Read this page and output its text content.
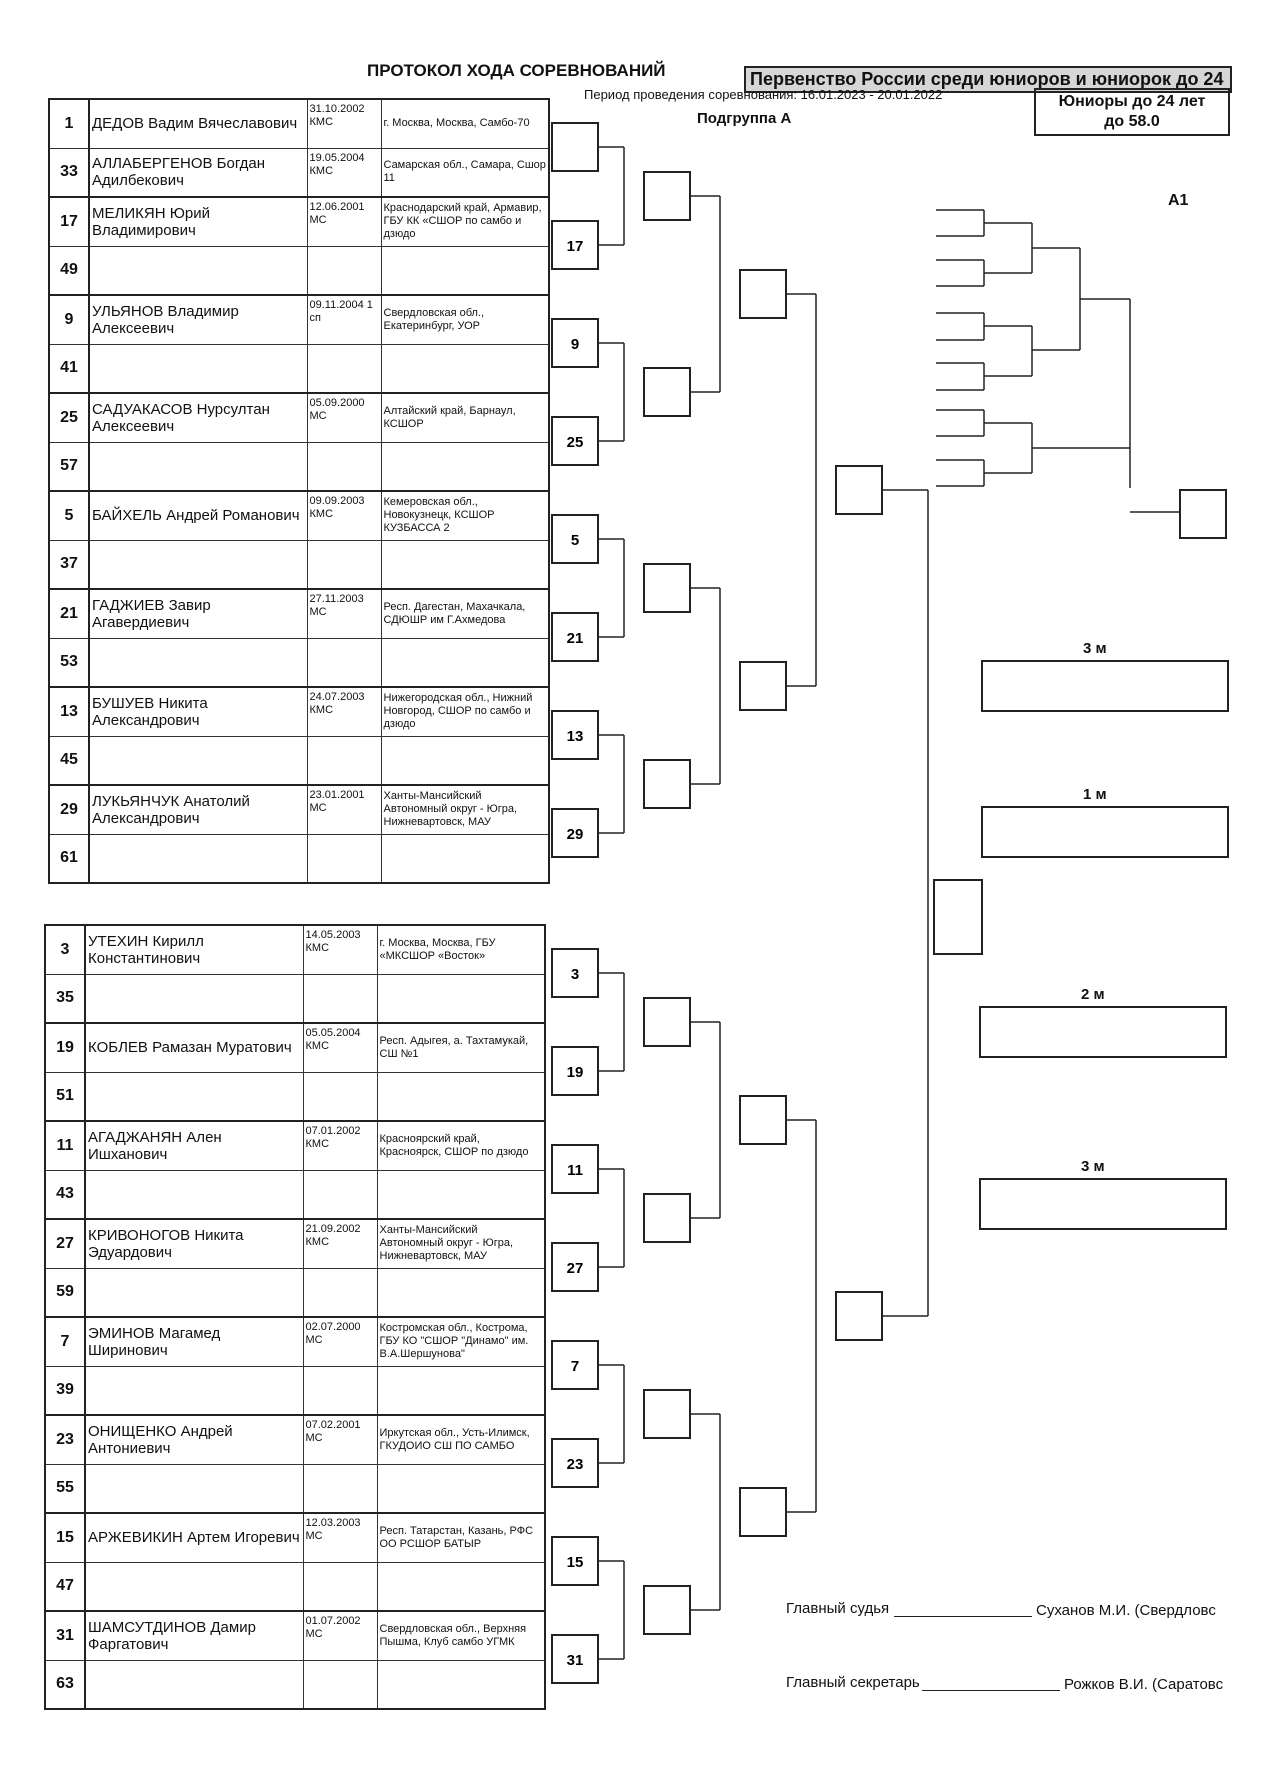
ПРОТОКОЛ ХОДА СОРЕВНОВАНИЙ	Первенство России среди юниоров и юниорок до 24
Период проведения соревнования: 16.01.2023 - 20.01.2022
Подгруппа А
Юниоры до 24 лет
до 58.0
1	ДЕДОВ Вадим Вячеславович	31.10.2002 КМС	г. Москва, Москва, Самбо-70
33	АЛЛАБЕРГЕНОВ Богдан Адилбекович	19.05.2004 КМС	Самарская обл., Самара, Сшор 11
17	МЕЛИКЯН Юрий Владимирович	12.06.2001 МС	Краснодарский край, Армавир, ГБУ КК «СШОР по самбо и дзюдо
49			
9	УЛЬЯНОВ Владимир Алексеевич	09.11.2004 1 сп	Свердловская обл., Екатеринбург, УОР
41			
25	САДУАКАСОВ Нурсултан Алексеевич	05.09.2000 МС	Алтайский край, Барнаул, КСШОР
57			
5	БАЙХЕЛЬ Андрей Романович	09.09.2003 КМС	Кемеровская обл., Новокузнецк, КСШОР КУЗБАССА 2
37			
21	ГАДЖИЕВ Завир Агавердиевич	27.11.2003 МС	Респ. Дагестан, Махачкала, СДЮШР им Г.Ахмедова
53			
13	БУШУЕВ Никита Александрович	24.07.2003 КМС	Нижегородская обл., Нижний Новгород, СШОР по самбо и дзюдо
45			
29	ЛУКЬЯНЧУК Анатолий Александрович	23.01.2001 МС	Ханты-Мансийский Автономный округ - Югра, Нижневартовск, МАУ
61			
3	УТЕХИН Кирилл Константинович	14.05.2003 КМС	г. Москва, Москва, ГБУ «МКСШОР «Восток»
35			
19	КОБЛЕВ Рамазан Муратович	05.05.2004 КМС	Респ. Адыгея, а. Тахтамукай, СШ №1
51			
11	АГАДЖАНЯН Ален Ишханович	07.01.2002 КМС	Красноярский край, Красноярск, СШОР по дзюдо
43			
27	КРИВОНОГОВ Никита Эдуардович	21.09.2002 КМС	Ханты-Мансийский Автономный округ - Югра, Нижневартовск, МАУ
59			
7	ЭМИНОВ Магамед Ширинович	02.07.2000 МС	Костромская обл., Кострома, ГБУ КО "СШОР "Динамо" им. В.А.Шершунова"
39			
23	ОНИЩЕНКО Андрей Антониевич	07.02.2001 МС	Иркутская обл., Усть-Илимск, ГКУДОИО СШ ПО САМБО
55			
15	АРЖЕВИКИН Артем Игоревич	12.03.2003 МС	Респ. Татарстан, Казань, РФС ОО РСШОР БАТЫР
47			
31	ШАМСУТДИНОВ Дамир Фаргатович	01.07.2002 МС	Свердловская обл., Верхняя Пышма, Клуб самбо УГМК
63			
17
9
25
5
21
13
29
3
19
11
27
7
23
15
31
А1
3 м
1 м
2 м
3 м
Главный судья	Суханов М.И. (Свердловс
Главный секретарь	Рожков В.И. (Саратовс
